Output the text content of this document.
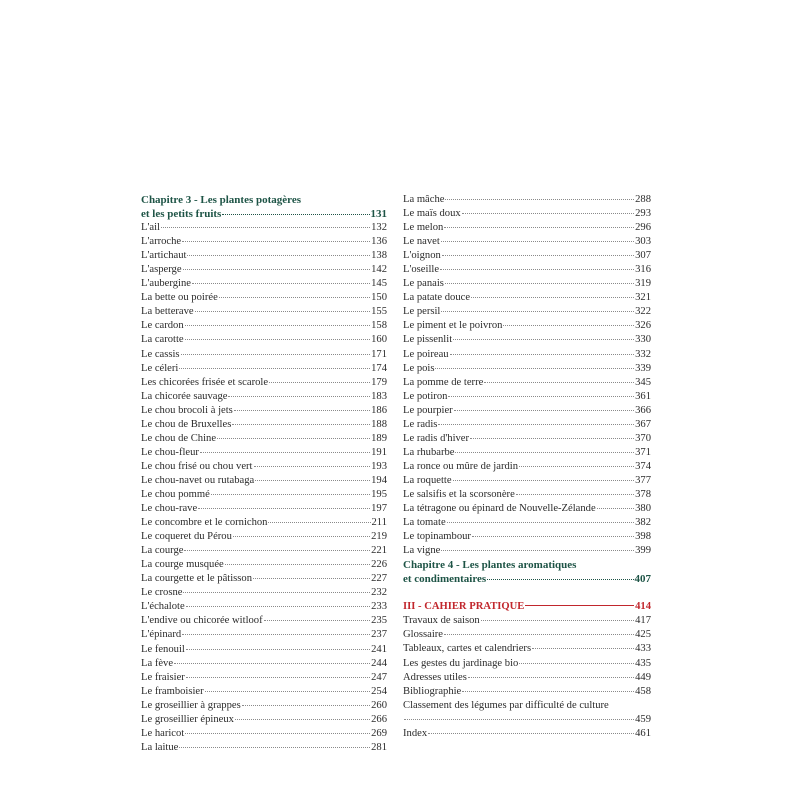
Chapitre 3 - Les plantes potagères
et les petits fruits	131
L'ail	132
L'arroche	136
L'artichaut	138
L'asperge	142
L'aubergine	145
La bette ou poirée	150
La betterave	155
Le cardon	158
La carotte	160
Le cassis	171
Le céleri	174
Les chicorées frisée et scarole	179
La chicorée sauvage	183
Le chou brocoli à jets	186
Le chou de Bruxelles	188
Le chou de Chine	189
Le chou-fleur	191
Le chou frisé ou chou vert	193
Le chou-navet ou rutabaga	194
Le chou pommé	195
Le chou-rave	197
Le concombre et le cornichon	211
Le coqueret du Pérou	219
La courge	221
La courge musquée	226
La courgette et le pâtisson	227
Le crosne	232
L'échalote	233
L'endive ou chicorée witloof	235
L'épinard	237
Le fenouil	241
La fève	244
Le fraisier	247
Le framboisier	254
Le groseillier à grappes	260
Le groseillier épineux	266
Le haricot	269
La laitue	281
La mâche	288
Le maïs doux	293
Le melon	296
Le navet	303
L'oignon	307
L'oseille	316
Le panais	319
La patate douce	321
Le persil	322
Le piment et le poivron	326
Le pissenlit	330
Le poireau	332
Le pois	339
La pomme de terre	345
Le potiron	361
Le pourpier	366
Le radis	367
Le radis d'hiver	370
La rhubarbe	371
La ronce ou mûre de jardin	374
La roquette	377
Le salsifis et la scorsonère	378
La tétragone ou épinard de Nouvelle-Zélande	380
La tomate	382
Le topinambour	398
La vigne	399
Chapitre 4 - Les plantes aromatiques
et condimentaires	407
III - CAHIER PRATIQUE	414
Travaux de saison	417
Glossaire	425
Tableaux, cartes et calendriers	433
Les gestes du jardinage bio	435
Adresses utiles	449
Bibliographie	458
Classement des légumes par difficulté de culture
459
Index	461
